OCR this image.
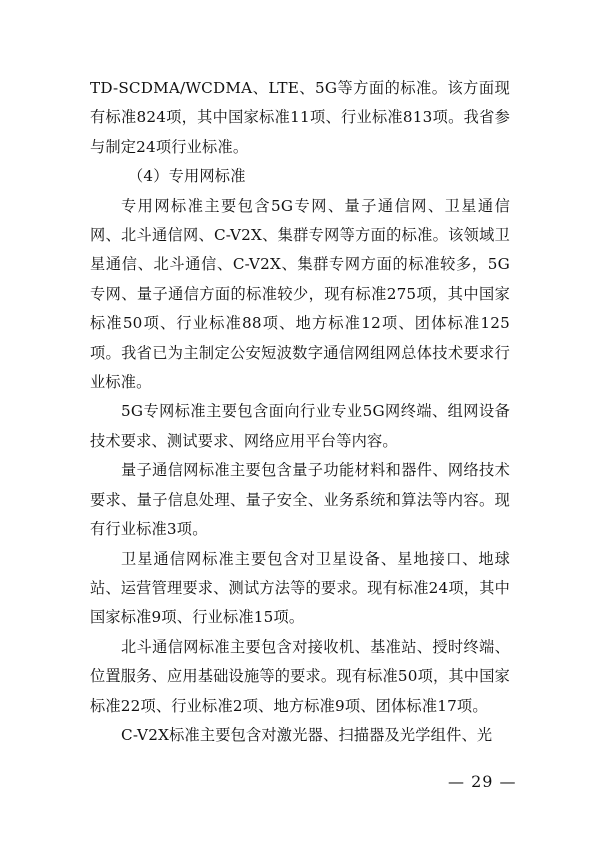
TD-SCDMA/WCDMA、LTE、5G等方面的标准。该方面现有标准824项，其中国家标准11项、行业标准813项。我省参与制定24项行业标准。

（4）专用网标准

专用网标准主要包含5G专网、量子通信网、卫星通信网、北斗通信网、C-V2X、集群专网等方面的标准。该领域卫星通信、北斗通信、C-V2X、集群专网方面的标准较多，5G专网、量子通信方面的标准较少，现有标准275项，其中国家标准50项、行业标准88项、地方标准12项、团体标准125项。我省已为主制定公安短波数字通信网组网总体技术要求行业标准。

5G专网标准主要包含面向行业专业5G网终端、组网设备技术要求、测试要求、网络应用平台等内容。

量子通信网标准主要包含量子功能材料和器件、网络技术要求、量子信息处理、量子安全、业务系统和算法等内容。现有行业标准3项。

卫星通信网标准主要包含对卫星设备、星地接口、地球站、运营管理要求、测试方法等的要求。现有标准24项，其中国家标准9项、行业标准15项。

北斗通信网标准主要包含对接收机、基准站、授时终端、位置服务、应用基础设施等的要求。现有标准50项，其中国家标准22项、行业标准2项、地方标准9项、团体标准17项。

C-V2X标准主要包含对激光器、扫描器及光学组件、光

— 29 —
